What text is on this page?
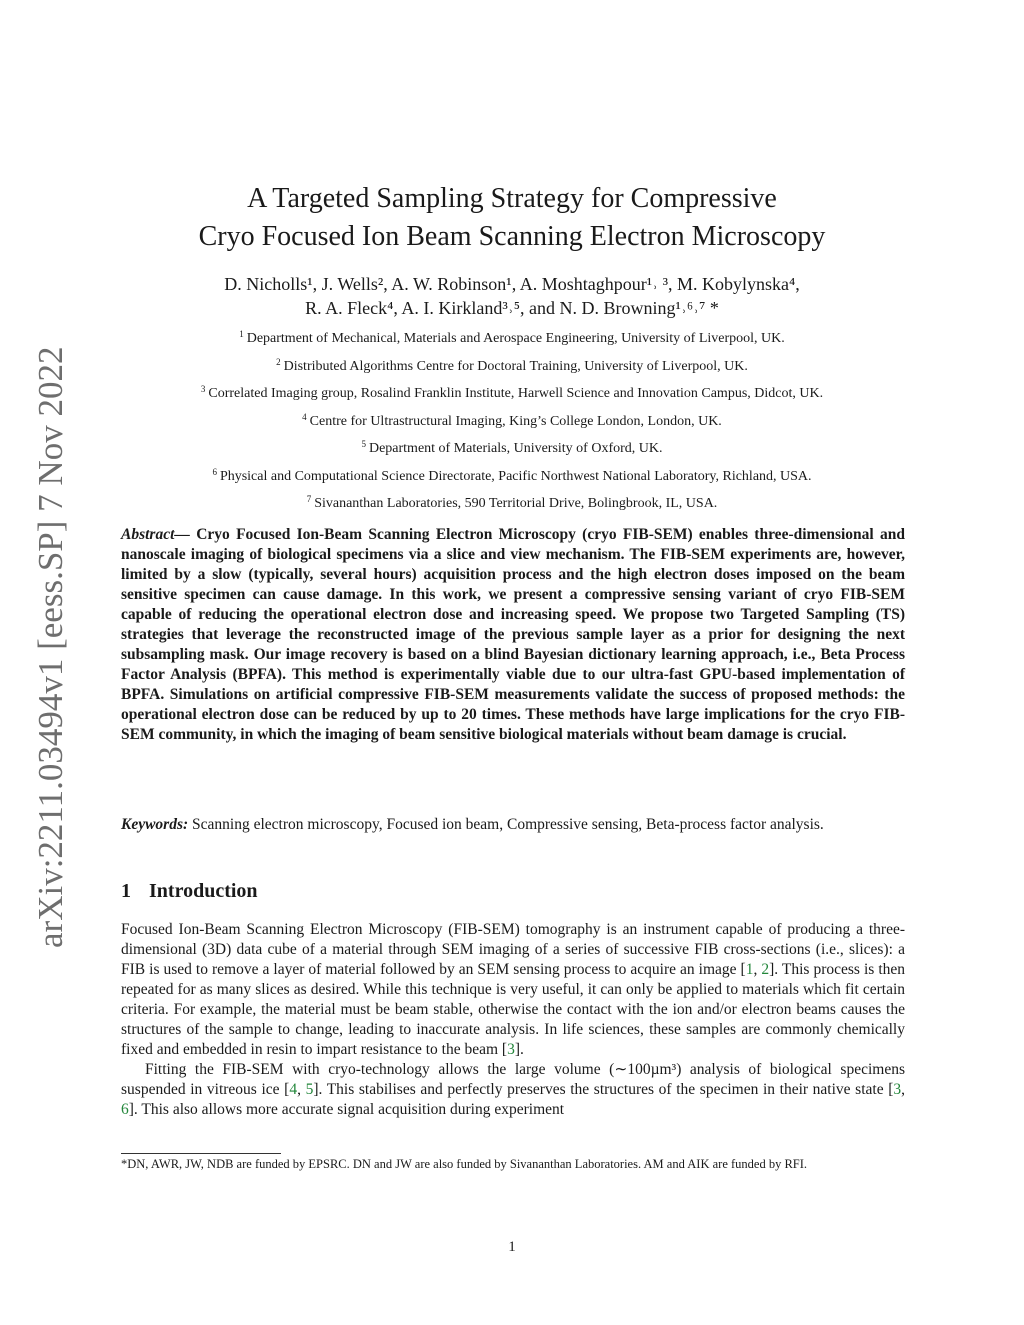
arXiv:2211.03494v1 [eess.SP] 7 Nov 2022
A Targeted Sampling Strategy for Compressive
Cryo Focused Ion Beam Scanning Electron Microscopy
D. Nicholls¹, J. Wells², A. W. Robinson¹, A. Moshtaghpour¹˒ ³, M. Kobylynska⁴,
R. A. Fleck⁴, A. I. Kirkland³˒⁵, and N. D. Browning¹˒⁶˒⁷ *
$^1$ Department of Mechanical, Materials and Aerospace Engineering, University of Liverpool, UK.
$^2$ Distributed Algorithms Centre for Doctoral Training, University of Liverpool, UK.
$^3$ Correlated Imaging group, Rosalind Franklin Institute, Harwell Science and Innovation Campus, Didcot, UK.
$^4$ Centre for Ultrastructural Imaging, King’s College London, London, UK.
$^5$ Department of Materials, University of Oxford, UK.
$^6$ Physical and Computational Science Directorate, Pacific Northwest National Laboratory, Richland, USA.
$^7$ Sivananthan Laboratories, 590 Territorial Drive, Bolingbrook, IL, USA.
Abstract— Cryo Focused Ion-Beam Scanning Electron Microscopy (cryo FIB-SEM) enables three-dimensional and nanoscale imaging of biological specimens via a slice and view mechanism. The FIB-SEM experiments are, however, limited by a slow (typically, several hours) acquisition process and the high electron doses imposed on the beam sensitive specimen can cause damage. In this work, we present a compressive sensing variant of cryo FIB-SEM capable of reducing the operational electron dose and increasing speed. We propose two Targeted Sampling (TS) strategies that leverage the reconstructed image of the previous sample layer as a prior for designing the next subsampling mask. Our image recovery is based on a blind Bayesian dictionary learning approach, i.e., Beta Process Factor Analysis (BPFA). This method is experimentally viable due to our ultra-fast GPU-based implementation of BPFA. Simulations on artificial compressive FIB-SEM measurements validate the success of proposed methods: the operational electron dose can be reduced by up to 20 times. These methods have large implications for the cryo FIB-SEM community, in which the imaging of beam sensitive biological materials without beam damage is crucial.
Keywords: Scanning electron microscopy, Focused ion beam, Compressive sensing, Beta-process factor analysis.
1 Introduction

Focused Ion-Beam Scanning Electron Microscopy (FIB-SEM) tomography is an instrument capable of producing a three-dimensional (3D) data cube of a material through SEM imaging of a series of successive FIB cross-sections (i.e., slices): a FIB is used to remove a layer of material followed by an SEM sensing process to acquire an image [1, 2]. This process is then repeated for as many slices as desired. While this technique is very useful, it can only be applied to materials which fit certain criteria. For example, the material must be beam stable, otherwise the contact with the ion and/or electron beams causes the structures of the sample to change, leading to inaccurate analysis. In life sciences, these samples are commonly chemically fixed and embedded in resin to impart resistance to the beam [3].

Fitting the FIB-SEM with cryo-technology allows the large volume (∼100µm³) analysis of biological specimens suspended in vitreous ice [4, 5]. This stabilises and perfectly preserves the structures of the specimen in their native state [3, 6]. This also allows more accurate signal acquisition during experiment

*DN, AWR, JW, NDB are funded by EPSRC. DN and JW are also funded by Sivananthan Laboratories. AM and AIK are funded by RFI.
1
